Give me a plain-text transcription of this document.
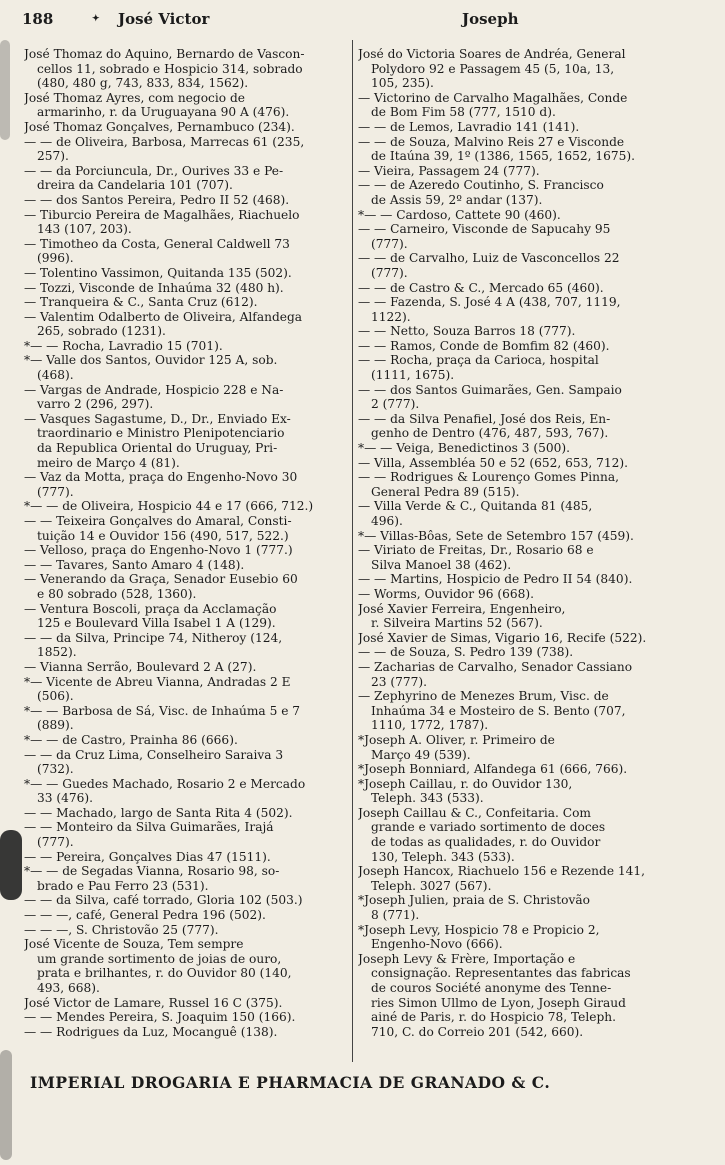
188	✦ José Victor	Joseph
José Thomaz do Aquino, Bernardo de Vascon-
cellos 11, sobrado e Hospicio 314, sobrado
(480, 480 g, 743, 833, 834, 1562).
José Thomaz Ayres, com negocio de
armarinho, r. da Uruguayana 90 A (476).
José Thomaz Gonçalves, Pernambuco (234).
— — de Oliveira, Barbosa, Marrecas 61 (235,
257).
— — da Porciuncula, Dr., Ourives 33 e Pe-
dreira da Candelaria 101 (707).
— — dos Santos Pereira, Pedro II 52 (468).
— Tiburcio Pereira de Magalhães, Riachuelo
143 (107, 203).
— Timotheo da Costa, General Caldwell 73
(996).
— Tolentino Vassimon, Quitanda 135 (502).
— Tozzi, Visconde de Inhaúma 32 (480 h).
— Tranqueira & C., Santa Cruz (612).
— Valentim Odalberto de Oliveira, Alfandega
265, sobrado (1231).
*— — Rocha, Lavradio 15 (701).
*— Valle dos Santos, Ouvidor 125 A, sob.
(468).
— Vargas de Andrade, Hospicio 228 e Na-
varro 2 (296, 297).
— Vasques Sagastume, D., Dr., Enviado Ex-
traordinario e Ministro Plenipotenciario
da Republica Oriental do Uruguay, Pri-
meiro de Março 4 (81).
— Vaz da Motta, praça do Engenho-Novo 30
(777).
*— — de Oliveira, Hospicio 44 e 17 (666, 712.)
— — Teixeira Gonçalves do Amaral, Consti-
tuição 14 e Ouvidor 156 (490, 517, 522.)
— Velloso, praça do Engenho-Novo 1 (777.)
— — Tavares, Santo Amaro 4 (148).
— Venerando da Graça, Senador Eusebio 60
e 80 sobrado (528, 1360).
— Ventura Boscoli, praça da Acclamação
125 e Boulevard Villa Isabel 1 A (129).
— — da Silva, Principe 74, Nitheroy (124,
1852).
— Vianna Serrão, Boulevard 2 A (27).
*— Vicente de Abreu Vianna, Andradas 2 E
(506).
*— — Barbosa de Sá, Visc. de Inhaúma 5 e 7
(889).
*— — de Castro, Prainha 86 (666).
— — da Cruz Lima, Conselheiro Saraiva 3
(732).
*— — Guedes Machado, Rosario 2 e Mercado
33 (476).
— — Machado, largo de Santa Rita 4 (502).
— — Monteiro da Silva Guimarães, Irajá
(777).
— — Pereira, Gonçalves Dias 47 (1511).
*— — de Segadas Vianna, Rosario 98, so-
brado e Pau Ferro 23 (531).
— — da Silva, café torrado, Gloria 102 (503.)
— — —, café, General Pedra 196 (502).
— — —, S. Christovão 25 (777).
José Vicente de Souza, Tem sempre
um grande sortimento de joias de ouro,
prata e brilhantes, r. do Ouvidor 80 (140,
493, 668).
José Victor de Lamare, Russel 16 C (375).
— — Mendes Pereira, S. Joaquim 150 (166).
— — Rodrigues da Luz, Mocanguê (138).
José do Victoria Soares de Andréa, General
Polydoro 92 e Passagem 45 (5, 10a, 13,
105, 235).
— Victorino de Carvalho Magalhães, Conde
de Bom Fim 58 (777, 1510 d).
— — de Lemos, Lavradio 141 (141).
— — de Souza, Malvino Reis 27 e Visconde
de Itaúna 39, 1º (1386, 1565, 1652, 1675).
— Vieira, Passagem 24 (777).
— — de Azeredo Coutinho, S. Francisco
de Assis 59, 2º andar (137).
*— — Cardoso, Cattete 90 (460).
— — Carneiro, Visconde de Sapucahy 95
(777).
— — de Carvalho, Luiz de Vasconcellos 22
(777).
— — de Castro & C., Mercado 65 (460).
— — Fazenda, S. José 4 A (438, 707, 1119,
1122).
— — Netto, Souza Barros 18 (777).
— — Ramos, Conde de Bomfim 82 (460).
— — Rocha, praça da Carioca, hospital
(1111, 1675).
— — dos Santos Guimarães, Gen. Sampaio
2 (777).
— — da Silva Penafiel, José dos Reis, En-
genho de Dentro (476, 487, 593, 767).
*— — Veiga, Benedictinos 3 (500).
— Villa, Assembléa 50 e 52 (652, 653, 712).
— — Rodrigues & Lourenço Gomes Pinna,
General Pedra 89 (515).
— Villa Verde & C., Quitanda 81 (485,
496).
*— Villas-Bôas, Sete de Setembro 157 (459).
— Viriato de Freitas, Dr., Rosario 68 e
Silva Manoel 38 (462).
— — Martins, Hospicio de Pedro II 54 (840).
— Worms, Ouvidor 96 (668).
José Xavier Ferreira, Engenheiro,
r. Silveira Martins 52 (567).
José Xavier de Simas, Vigario 16, Recife (522).
— — de Souza, S. Pedro 139 (738).
— Zacharias de Carvalho, Senador Cassiano
23 (777).
— Zephyrino de Menezes Brum, Visc. de
Inhaúma 34 e Mosteiro de S. Bento (707,
1110, 1772, 1787).
*Joseph A. Oliver, r. Primeiro de
Março 49 (539).
*Joseph Bonniard, Alfandega 61 (666, 766).
*Joseph Caillau, r. do Ouvidor 130,
Teleph. 343 (533).
Joseph Caillau & C., Confeitaria. Com
grande e variado sortimento de doces
de todas as qualidades, r. do Ouvidor
130, Teleph. 343 (533).
Joseph Hancox, Riachuelo 156 e Rezende 141,
Teleph. 3027 (567).
*Joseph Julien, praia de S. Christovão
8 (771).
*Joseph Levy, Hospicio 78 e Propicio 2,
Engenho-Novo (666).
Joseph Levy & Frère, Importação e
consignação. Representantes das fabricas
de couros Société anonyme des Tenne-
ries Simon Ullmo de Lyon, Joseph Giraud
ainé de Paris, r. do Hospicio 78, Teleph.
710, C. do Correio 201 (542, 660).
IMPERIAL DROGARIA E PHARMACIA DE GRANADO & C.
